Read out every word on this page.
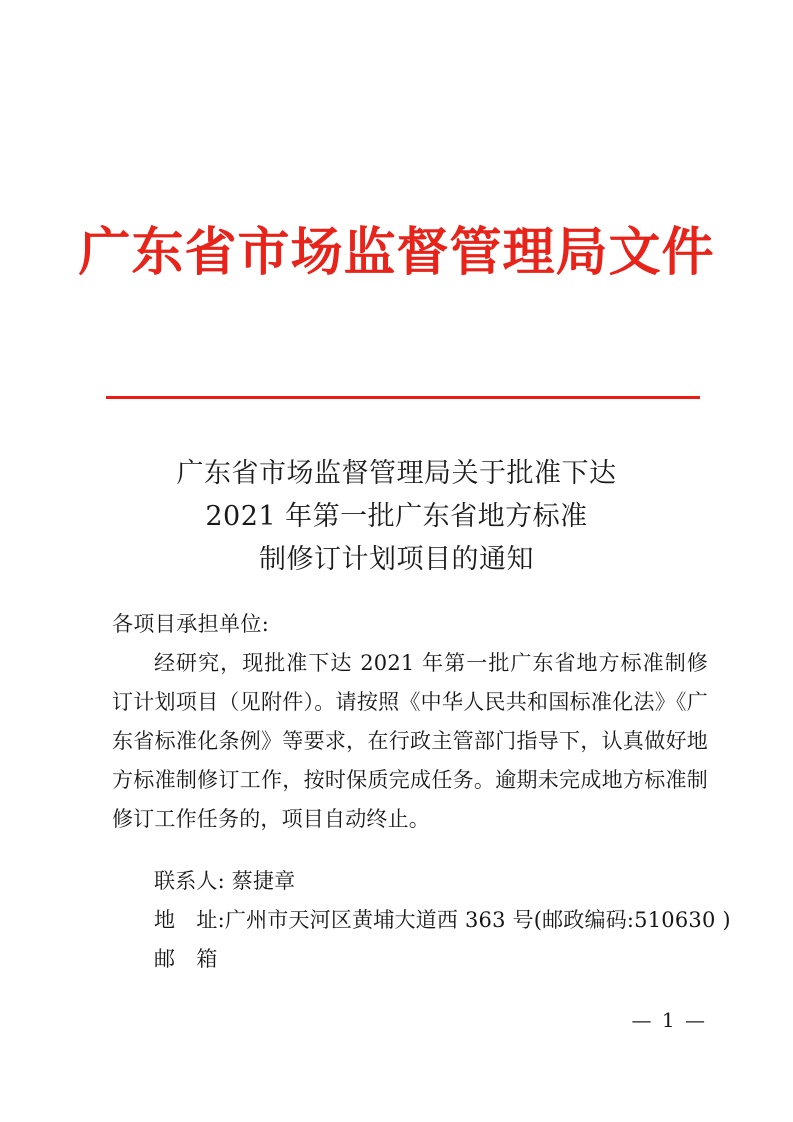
广东省市场监督管理局文件
广东省市场监督管理局关于批准下达
2021 年第一批广东省地方标准
制修订计划项目的通知
各项目承担单位:
经研究，现批准下达 2021 年第一批广东省地方标准制修订计划项目（见附件）。请按照《中华人民共和国标准化法》《广东省标准化条例》等要求，在行政主管部门指导下，认真做好地方标准制修订工作，按时保质完成任务。逾期未完成地方标准制修订工作任务的，项目自动终止。
联系人: 蔡捷章
地　址:广州市天河区黄埔大道西 363 号(邮政编码:510630 )
邮　箱
— 1 —
